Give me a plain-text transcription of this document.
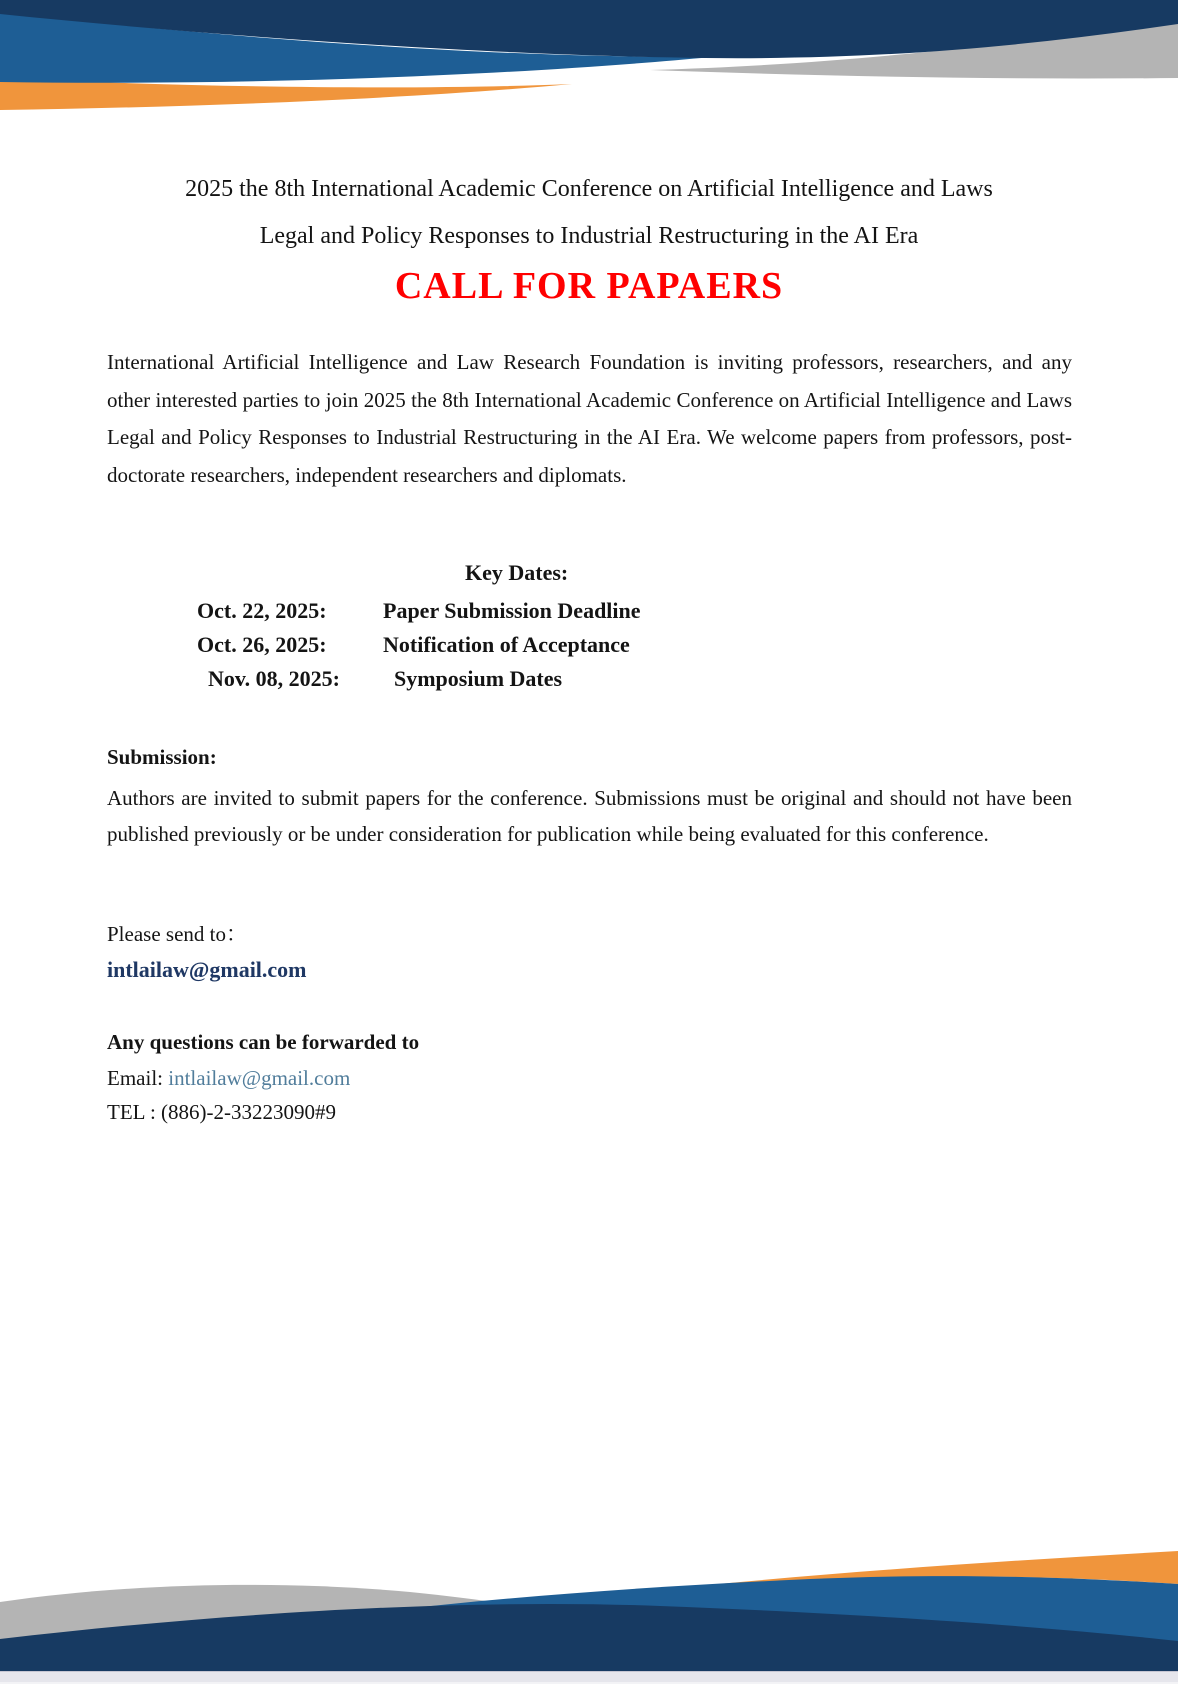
2025 the 8th International Academic Conference on Artificial Intelligence and Laws
Legal and Policy Responses to Industrial Restructuring in the AI Era
CALL FOR PAPAERS
International Artificial Intelligence and Law Research Foundation is inviting professors, researchers, and any other interested parties to join 2025 the 8th International Academic Conference on Artificial Intelligence and Laws Legal and Policy Responses to Industrial Restructuring in the AI Era. We welcome papers from professors, post-doctorate researchers, independent researchers and diplomats.
Key Dates:
Oct. 22, 2025:	Paper Submission Deadline
Oct. 26, 2025:	Notification of Acceptance
Nov. 08, 2025:	Symposium Dates
Submission:
Authors are invited to submit papers for the conference. Submissions must be original and should not have been published previously or be under consideration for publication while being evaluated for this conference.
Please send to：
intlailaw@gmail.com
Any questions can be forwarded to
Email: intlailaw@gmail.com
TEL : (886)-2-33223090#9
